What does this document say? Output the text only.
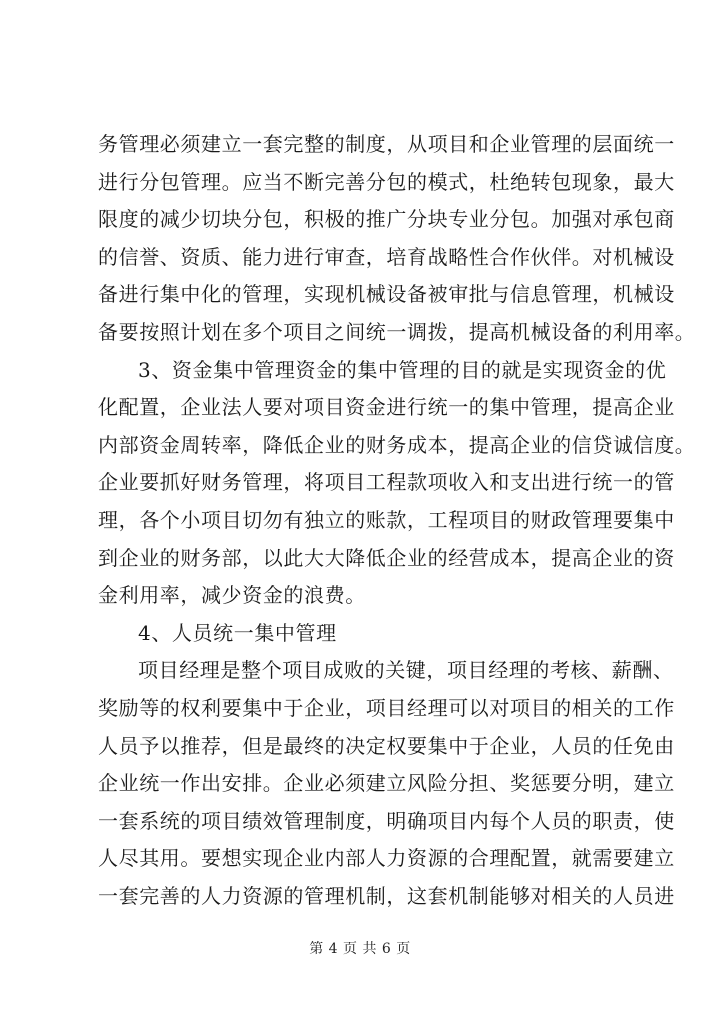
务管理必须建立一套完整的制度，从项目和企业管理的层面统一
进行分包管理。应当不断完善分包的模式，杜绝转包现象，最大
限度的减少切块分包，积极的推广分块专业分包。加强对承包商
的信誉、资质、能力进行审查，培育战略性合作伙伴。对机械设
备进行集中化的管理，实现机械设备被审批与信息管理，机械设
备要按照计划在多个项目之间统一调拨，提高机械设备的利用率。
3、资金集中管理资金的集中管理的目的就是实现资金的优
化配置，企业法人要对项目资金进行统一的集中管理，提高企业
内部资金周转率，降低企业的财务成本，提高企业的信贷诚信度。
企业要抓好财务管理，将项目工程款项收入和支出进行统一的管
理，各个小项目切勿有独立的账款，工程项目的财政管理要集中
到企业的财务部，以此大大降低企业的经营成本，提高企业的资
金利用率，减少资金的浪费。
4、人员统一集中管理
项目经理是整个项目成败的关键，项目经理的考核、薪酬、
奖励等的权利要集中于企业，项目经理可以对项目的相关的工作
人员予以推荐，但是最终的决定权要集中于企业，人员的任免由
企业统一作出安排。企业必须建立风险分担、奖惩要分明，建立
一套系统的项目绩效管理制度，明确项目内每个人员的职责，使
人尽其用。要想实现企业内部人力资源的合理配置，就需要建立
一套完善的人力资源的管理机制，这套机制能够对相关的人员进
第 4 页 共 6 页
